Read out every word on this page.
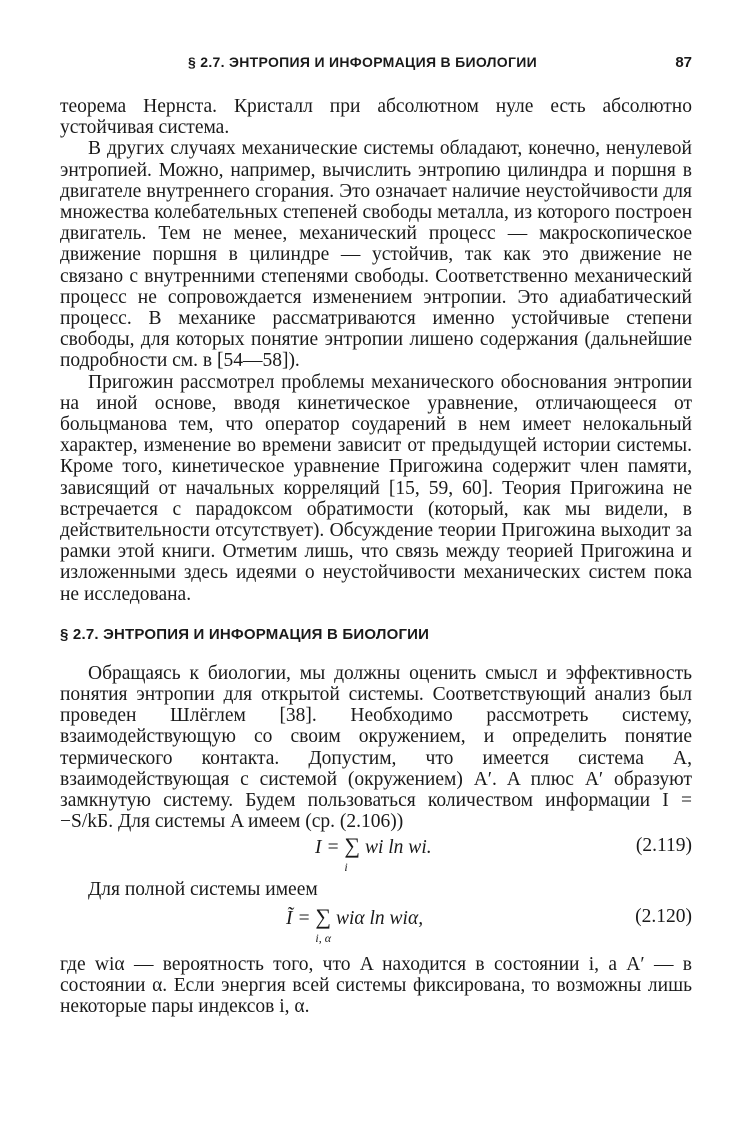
§ 2.7. ЭНТРОПИЯ И ИНФОРМАЦИЯ В БИОЛОГИИ	87

теорема Нернста. Кристалл при абсолютном нуле есть абсолютно устойчивая система.

В других случаях механические системы обладают, конечно, ненулевой энтропией. Можно, например, вычислить энтропию цилиндра и поршня в двигателе внутреннего сгорания. Это означает наличие неустойчивости для множества колебательных степеней свободы металла, из которого построен двигатель. Тем не менее, механический процесс — макроскопическое движение поршня в цилиндре — устойчив, так как это движение не связано с внутренними степенями свободы. Соответственно механический процесс не сопровождается изменением энтропии. Это адиабатический процесс. В механике рассматриваются именно устойчивые степени свободы, для которых понятие энтропии лишено содержания (дальнейшие подробности см. в [54—58]).

Пригожин рассмотрел проблемы механического обоснования энтропии на иной основе, вводя кинетическое уравнение, отличающееся от больцманова тем, что оператор соударений в нем имеет нелокальный характер, изменение во времени зависит от предыдущей истории системы. Кроме того, кинетическое уравнение Пригожина содержит член памяти, зависящий от начальных корреляций [15, 59, 60]. Теория Пригожина не встречается с парадоксом обратимости (который, как мы видели, в действительности отсутствует). Обсуждение теории Пригожина выходит за рамки этой книги. Отметим лишь, что связь между теорией Пригожина и изложенными здесь идеями о неустойчивости механических систем пока не исследована.

§ 2.7. ЭНТРОПИЯ И ИНФОРМАЦИЯ В БИОЛОГИИ

Обращаясь к биологии, мы должны оценить смысл и эффективность понятия энтропии для открытой системы. Соответствующий анализ был проведен Шлёглем [38]. Необходимо рассмотреть систему, взаимодействующую со своим окружением, и определить понятие термического контакта. Допустим, что имеется система A, взаимодействующая с системой (окружением) A′. A плюс A′ образуют замкнутую систему. Будем пользоваться количеством информации I = −S/kБ. Для системы A имеем (ср. (2.106))

I = ∑
i
wi ln wi.	(2.119)

Для полной системы имеем

Ĩ = ∑
i, α
wiα ln wiα,	(2.120)

где wiα — вероятность того, что A находится в состоянии i, а A′ — в состоянии α. Если энергия всей системы фиксирована, то возможны лишь некоторые пары индексов i, α.
